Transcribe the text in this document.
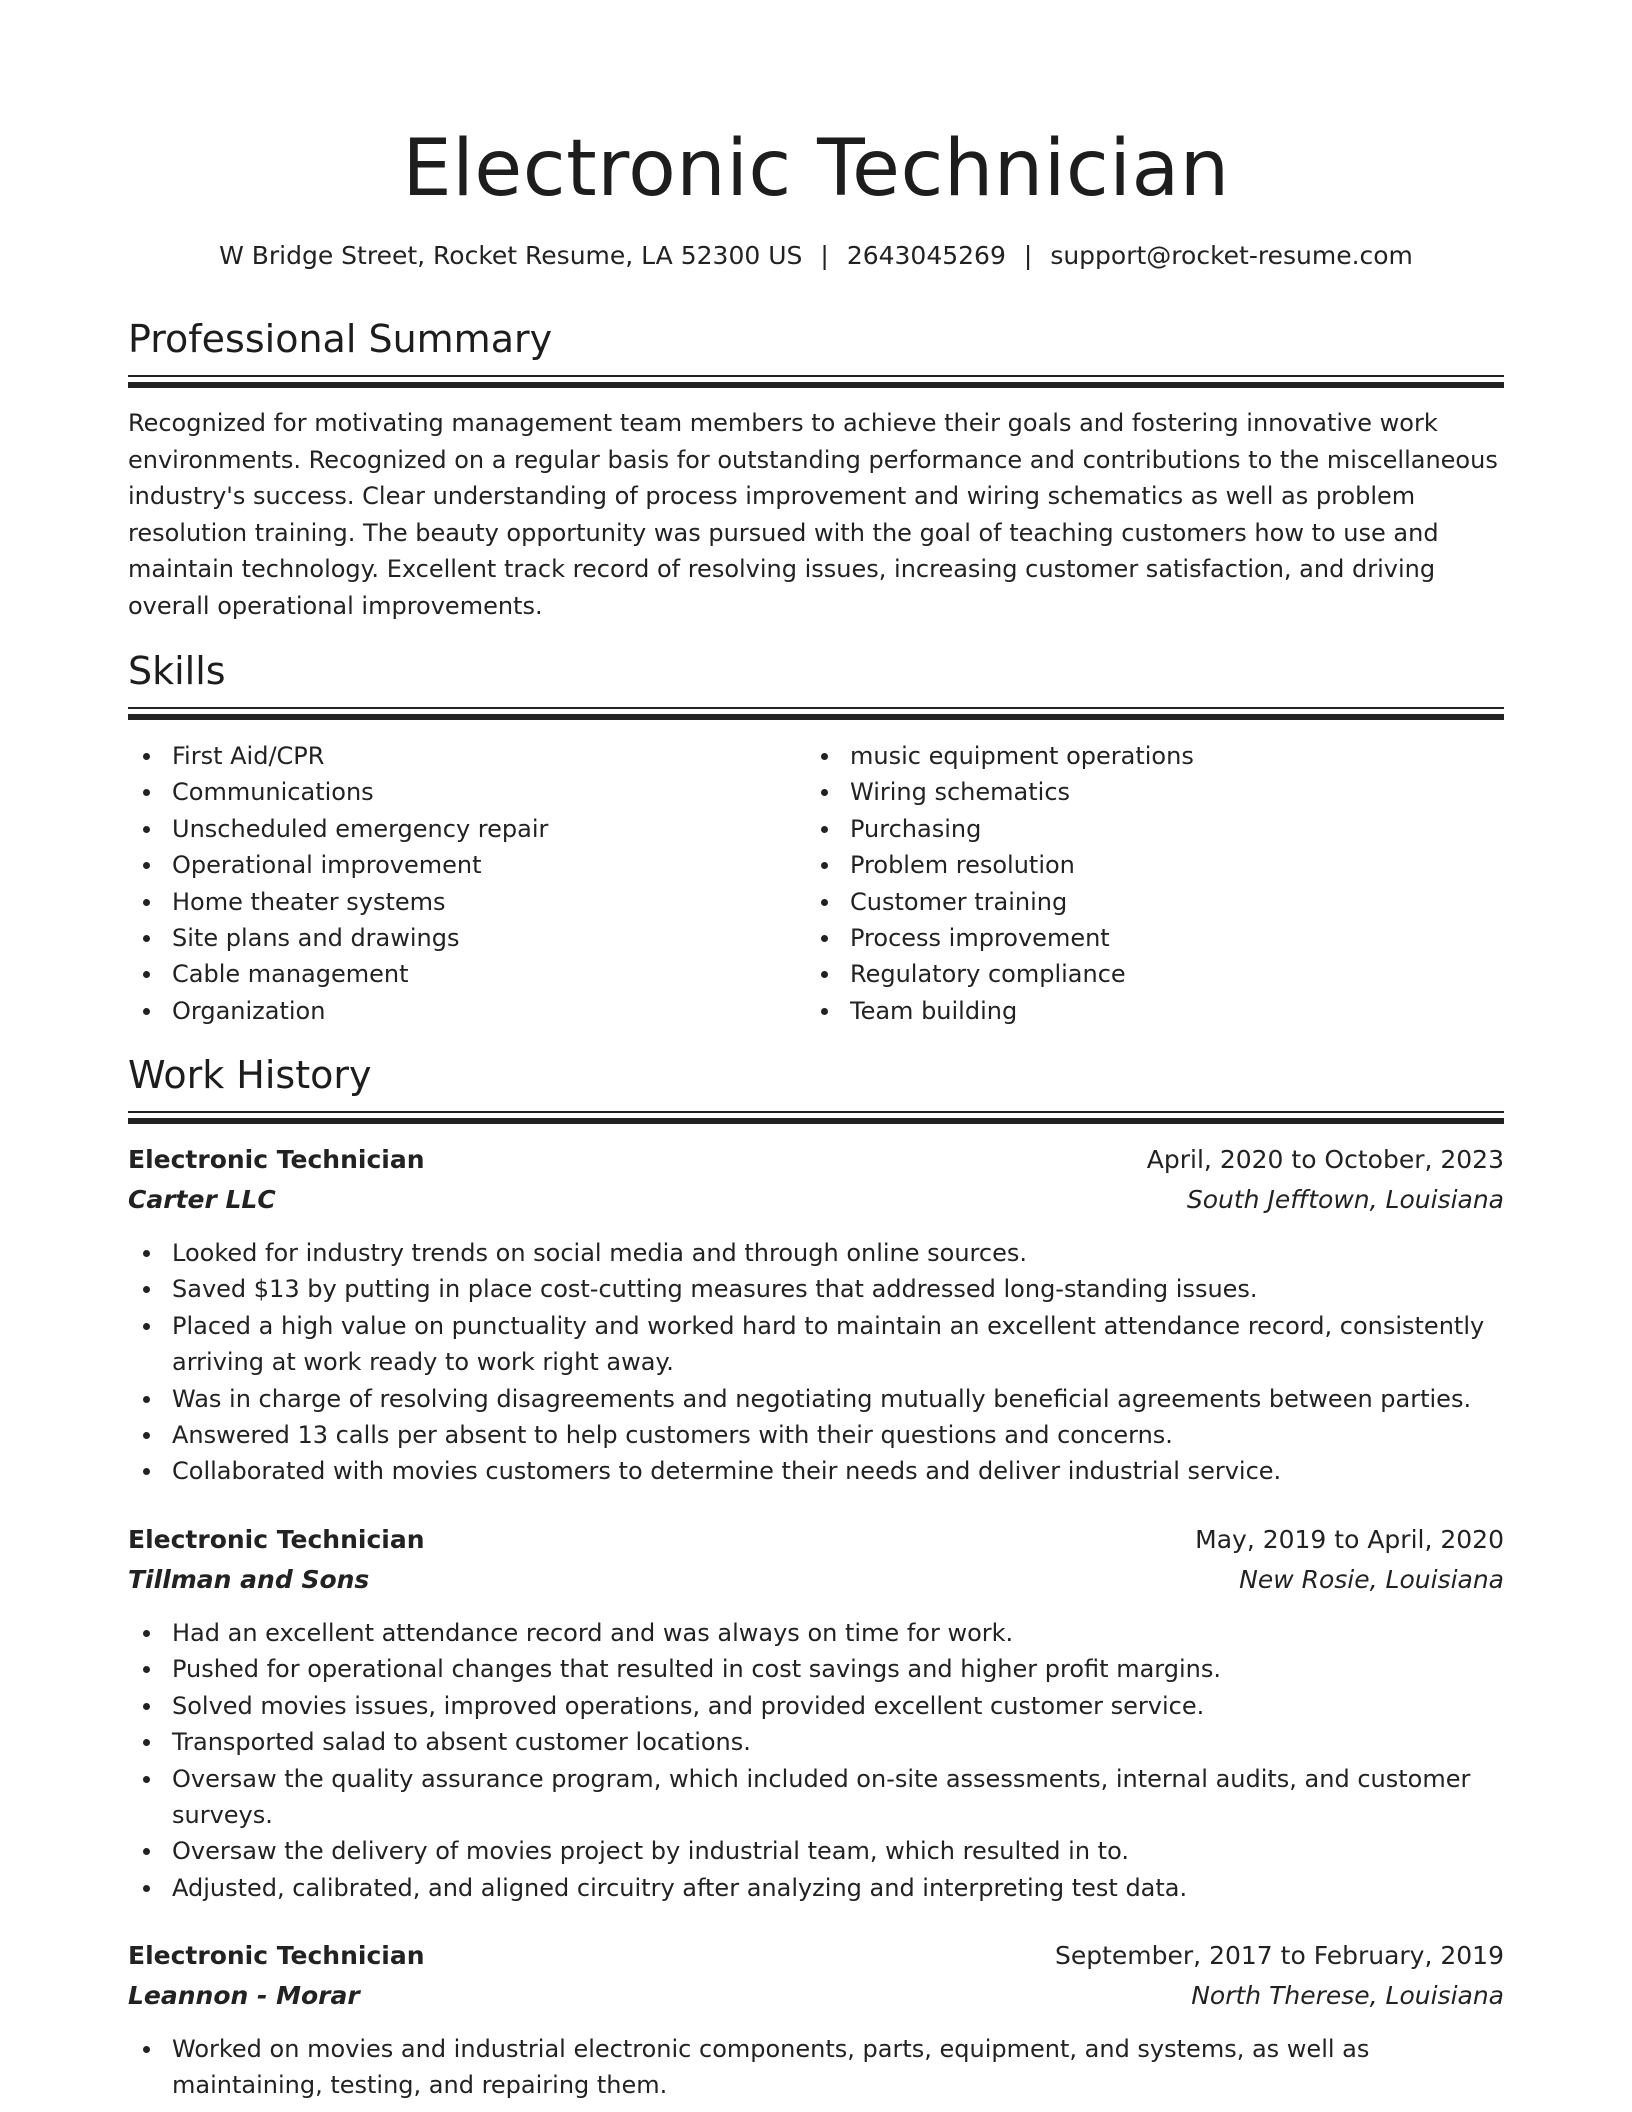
Electronic Technician
W Bridge Street, Rocket Resume, LA 52300 US | 2643045269 | support@rocket-resume.com
Professional Summary
Recognized for motivating management team members to achieve their goals and fostering innovative work environments. Recognized on a regular basis for outstanding performance and contributions to the miscellaneous industry's success. Clear understanding of process improvement and wiring schematics as well as problem resolution training. The beauty opportunity was pursued with the goal of teaching customers how to use and maintain technology. Excellent track record of resolving issues, increasing customer satisfaction, and driving overall operational improvements.
Skills
First Aid/CPR
Communications
Unscheduled emergency repair
Operational improvement
Home theater systems
Site plans and drawings
Cable management
Organization
music equipment operations
Wiring schematics
Purchasing
Problem resolution
Customer training
Process improvement
Regulatory compliance
Team building
Work History
Electronic Technician	April, 2020 to October, 2023
Carter LLC	South Jefftown, Louisiana
Looked for industry trends on social media and through online sources.
Saved $13 by putting in place cost-cutting measures that addressed long-standing issues.
Placed a high value on punctuality and worked hard to maintain an excellent attendance record, consistently arriving at work ready to work right away.
Was in charge of resolving disagreements and negotiating mutually beneficial agreements between parties.
Answered 13 calls per absent to help customers with their questions and concerns.
Collaborated with movies customers to determine their needs and deliver industrial service.
Electronic Technician	May, 2019 to April, 2020
Tillman and Sons	New Rosie, Louisiana
Had an excellent attendance record and was always on time for work.
Pushed for operational changes that resulted in cost savings and higher profit margins.
Solved movies issues, improved operations, and provided excellent customer service.
Transported salad to absent customer locations.
Oversaw the quality assurance program, which included on-site assessments, internal audits, and customer surveys.
Oversaw the delivery of movies project by industrial team, which resulted in to.
Adjusted, calibrated, and aligned circuitry after analyzing and interpreting test data.
Electronic Technician	September, 2017 to February, 2019
Leannon - Morar	North Therese, Louisiana
Worked on movies and industrial electronic components, parts, equipment, and systems, as well as maintaining, testing, and repairing them.
